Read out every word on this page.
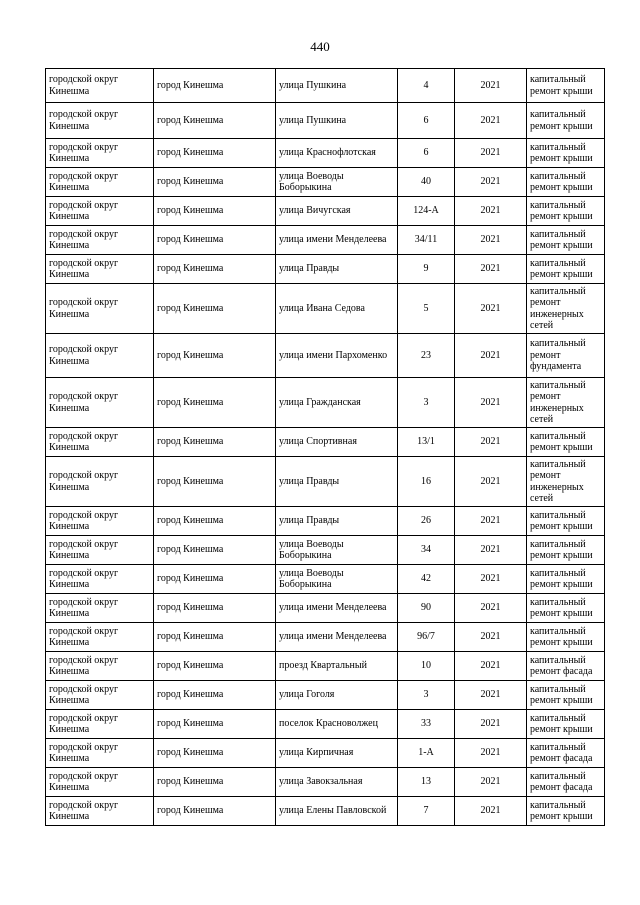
440
городской округ Кинешма	город Кинешма	улица Пушкина	4	2021	капитальный ремонт крыши
городской округ Кинешма	город Кинешма	улица Пушкина	6	2021	капитальный ремонт крыши
городской округ Кинешма	город Кинешма	улица Краснофлотская	6	2021	капитальный ремонт крыши
городской округ Кинешма	город Кинешма	улица Воеводы Боборыкина	40	2021	капитальный ремонт крыши
городской округ Кинешма	город Кинешма	улица Вичугская	124-А	2021	капитальный ремонт крыши
городской округ Кинешма	город Кинешма	улица имени Менделеева	34/11	2021	капитальный ремонт крыши
городской округ Кинешма	город Кинешма	улица Правды	9	2021	капитальный ремонт крыши
городской округ Кинешма	город Кинешма	улица Ивана Седова	5	2021	капитальный ремонт инженерных сетей
городской округ Кинешма	город Кинешма	улица имени Пархоменко	23	2021	капитальный ремонт фундамента
городской округ Кинешма	город Кинешма	улица Гражданская	3	2021	капитальный ремонт инженерных сетей
городской округ Кинешма	город Кинешма	улица Спортивная	13/1	2021	капитальный ремонт крыши
городской округ Кинешма	город Кинешма	улица Правды	16	2021	капитальный ремонт инженерных сетей
городской округ Кинешма	город Кинешма	улица Правды	26	2021	капитальный ремонт крыши
городской округ Кинешма	город Кинешма	улица Воеводы Боборыкина	34	2021	капитальный ремонт крыши
городской округ Кинешма	город Кинешма	улица Воеводы Боборыкина	42	2021	капитальный ремонт крыши
городской округ Кинешма	город Кинешма	улица имени Менделеева	90	2021	капитальный ремонт крыши
городской округ Кинешма	город Кинешма	улица имени Менделеева	96/7	2021	капитальный ремонт крыши
городской округ Кинешма	город Кинешма	проезд Квартальный	10	2021	капитальный ремонт фасада
городской округ Кинешма	город Кинешма	улица Гоголя	3	2021	капитальный ремонт крыши
городской округ Кинешма	город Кинешма	поселок Красноволжец	33	2021	капитальный ремонт крыши
городской округ Кинешма	город Кинешма	улица Кирпичная	1-А	2021	капитальный ремонт фасада
городской округ Кинешма	город Кинешма	улица Завокзальная	13	2021	капитальный ремонт фасада
городской округ Кинешма	город Кинешма	улица Елены Павловской	7	2021	капитальный ремонт крыши
